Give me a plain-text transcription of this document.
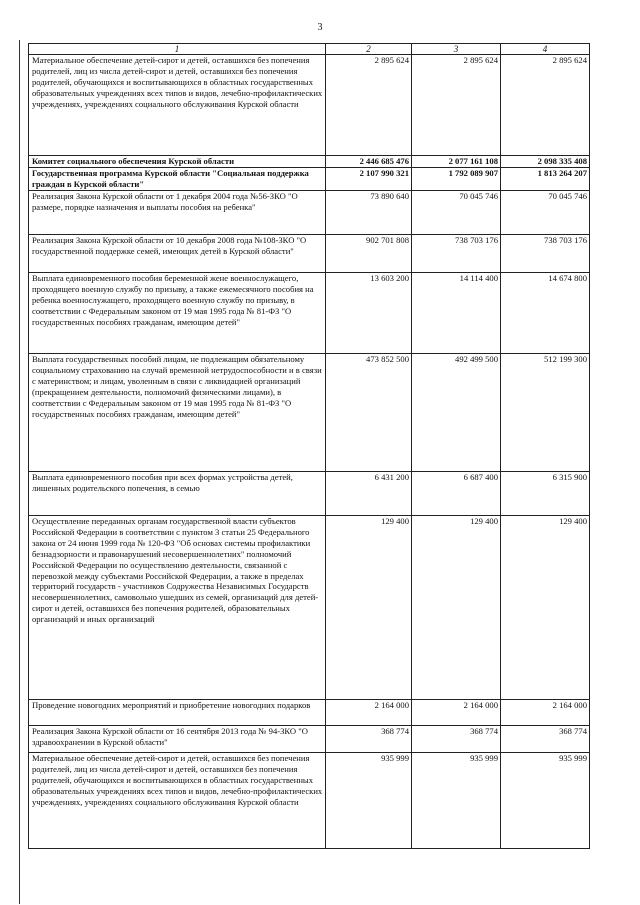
3
1	2	3	4
Материальное обеспечение детей-сирот и детей, оставшихся без попечения родителей, лиц из числа детей-сирот и детей, оставшихся без попечения родителей, обучающихся и воспитывающихся в областных государственных образовательных учреждениях всех типов и видов, лечебно-профилактических учреждениях, учреждениях социального обслуживания Курской области	2 895 624	2 895 624	2 895 624
Комитет социального обеспечения Курской области	2 446 685 476	2 077 161 108	2 098 335 408
Государственная программа Курской области "Социальная поддержка граждан в Курской области"	2 107 990 321	1 792 089 907	1 813 264 207
Реализация Закона Курской области от 1 декабря 2004 года №56-ЗКО "О размере, порядке назначения и выплаты пособия на ребенка"	73 890 640	70 045 746	70 045 746
Реализация Закона Курской области от 10 декабря 2008 года №108-ЗКО "О государственной поддержке семей, имеющих детей в Курской области"	902 701 808	738 703 176	738 703 176
Выплата единовременного пособия беременной жене военнослужащего, проходящего военную службу по призыву, а также ежемесячного пособия на ребенка военнослужащего, проходящего военную службу по призыву, в соответствии с Федеральным законом от 19 мая 1995 года № 81-ФЗ "О государственных пособиях гражданам, имеющим детей"	13 603 200	14 114 400	14 674 800
Выплата государственных пособий лицам, не подлежащим обязательному социальному страхованию на случай временной нетрудоспособности и в связи с материнством; и лицам, уволенным в связи с ликвидацией организаций (прекращением деятельности, полномочий физическими лицами), в соответствии с Федеральным законом от 19 мая 1995 года № 81-ФЗ "О государственных пособиях гражданам, имеющим детей"	473 852 500	492 499 500	512 199 300
Выплата единовременного пособия при всех формах устройства детей, лишенных родительского попечения, в семью	6 431 200	6 687 400	6 315 900
Осуществление переданных органам государственной власти субъектов Российской Федерации в соответствии с пунктом 3 статьи 25 Федерального закона от 24 июня 1999 года № 120-ФЗ "Об основах системы профилактики безнадзорности и правонарушений несовершеннолетних" полномочий Российской Федерации по осуществлению деятельности, связанной с перевозкой между субъектами Российской Федерации, а также в пределах территорий государств - участников Содружества Независимых Государств несовершеннолетних, самовольно ушедших из семей, организаций для детей-сирот и детей, оставшихся без попечения родителей, образовательных организаций и иных организаций	129 400	129 400	129 400
Проведение новогодних мероприятий и приобретение новогодних подарков	2 164 000	2 164 000	2 164 000
Реализация Закона Курской области от 16 сентября 2013 года № 94-ЗКО "О здравоохранении в Курской области"	368 774	368 774	368 774
Материальное обеспечение детей-сирот и детей, оставшихся без попечения родителей, лиц из числа детей-сирот и детей, оставшихся без попечения родителей, обучающихся и воспитывающихся в областных государственных образовательных учреждениях всех типов и видов, лечебно-профилактических учреждениях, учреждениях социального обслуживания Курской области	935 999	935 999	935 999
